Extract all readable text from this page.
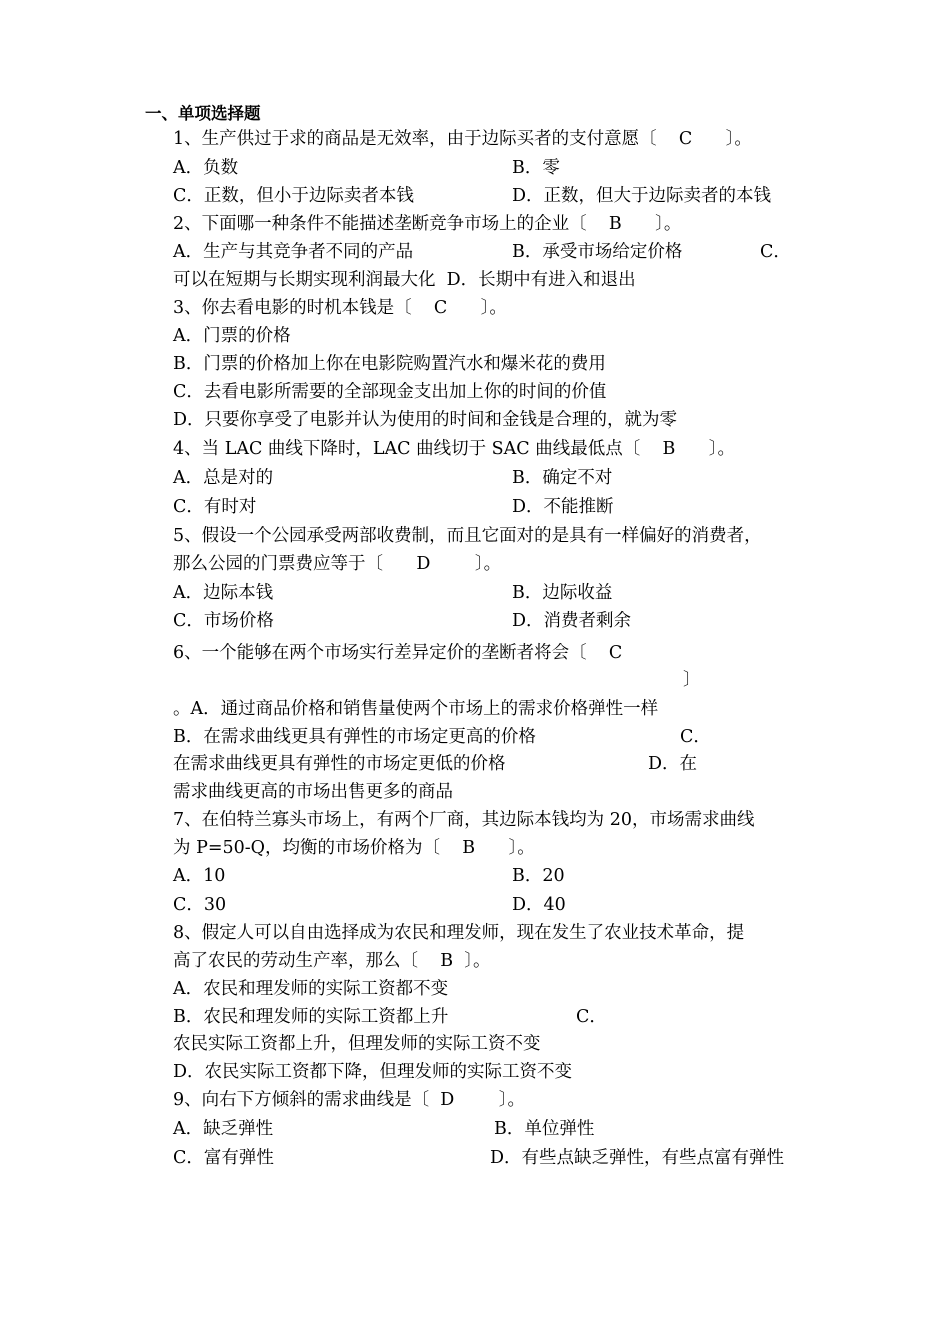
一、单项选择题
1、生产供过于求的商品是无效率，由于边际买者的支付意愿〔    C      〕。
A．负数	B．零
C．正数，但小于边际卖者本钱	D．正数，但大于边际卖者的本钱
2、下面哪一种条件不能描述垄断竞争市场上的企业〔    B      〕。
A．生产与其竞争者不同的产品	B．承受市场给定价格	C．
可以在短期与长期实现利润最大化  D．长期中有进入和退出
3、你去看电影的时机本钱是〔    C      〕。
A．门票的价格
B．门票的价格加上你在电影院购置汽水和爆米花的费用
C．去看电影所需要的全部现金支出加上你的时间的价值
D．只要你享受了电影并认为使用的时间和金钱是合理的，就为零
4、当 LAC 曲线下降时，LAC 曲线切于 SAC 曲线最低点〔    B      〕。
A．总是对的	B．确定不对
C．有时对	D．不能推断
5、假设一个公园承受两部收费制，而且它面对的是具有一样偏好的消费者，
那么公园的门票费应等于〔      D        〕。
A．边际本钱	B．边际收益
C．市场价格	D．消费者剩余
6、一个能够在两个市场实行差异定价的垄断者将会〔    C
〕
。A．通过商品价格和销售量使两个市场上的需求价格弹性一样
B．在需求曲线更具有弹性的市场定更高的价格	C．
在需求曲线更具有弹性的市场定更低的价格	D．在
需求曲线更高的市场出售更多的商品
7、在伯特兰寡头市场上，有两个厂商，其边际本钱均为 20，市场需求曲线
为 P=50-Q，均衡的市场价格为〔    B      〕。
A．10	B．20
C．30	D．40
8、假定人可以自由选择成为农民和理发师，现在发生了农业技术革命，提
高了农民的劳动生产率，那么〔    B  〕。
A．农民和理发师的实际工资都不变
B．农民和理发师的实际工资都上升	C．
农民实际工资都上升，但理发师的实际工资不变
D．农民实际工资都下降，但理发师的实际工资不变
9、向右下方倾斜的需求曲线是〔  D        〕。
A．缺乏弹性	B．单位弹性
C．富有弹性	D．有些点缺乏弹性，有些点富有弹性
